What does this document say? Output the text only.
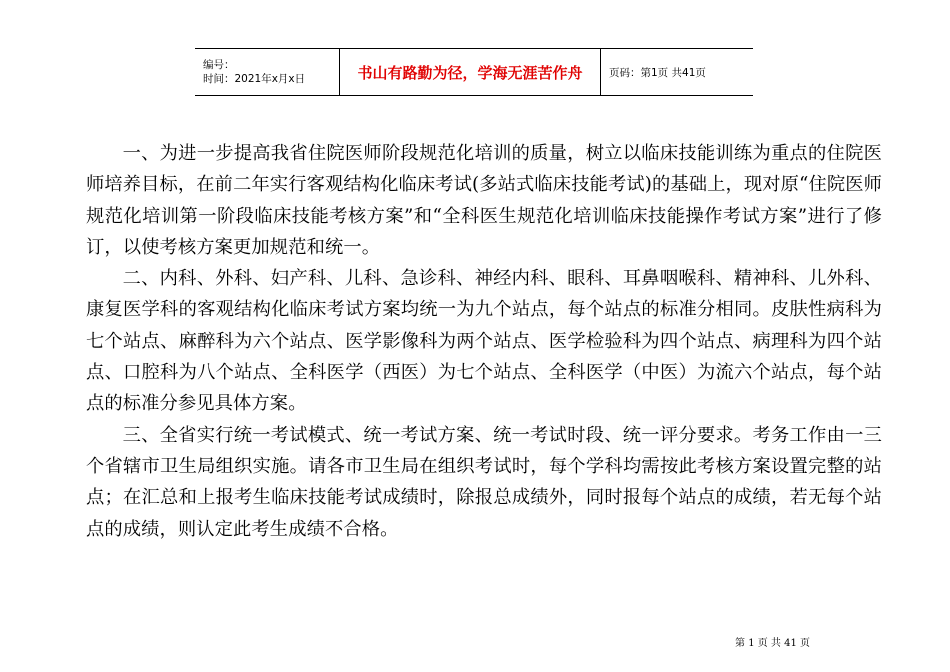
编号：
时间：2021年x月x日	书山有路勤为径，学海无涯苦作舟	页码：第1页 共41页

一、为进一步提高我省住院医师阶段规范化培训的质量，树立以临床技能训练为重点的住院医师培养目标，在前二年实行客观结构化临床考试(多站式临床技能考试)的基础上，现对原“住院医师规范化培训第一阶段临床技能考核方案”和“全科医生规范化培训临床技能操作考试方案”进行了修订，以使考核方案更加规范和统一。

二、内科、外科、妇产科、儿科、急诊科、神经内科、眼科、耳鼻咽喉科、精神科、儿外科、康复医学科的客观结构化临床考试方案均统一为九个站点，每个站点的标准分相同。皮肤性病科为七个站点、麻醉科为六个站点、医学影像科为两个站点、医学检验科为四个站点、病理科为四个站点、口腔科为八个站点、全科医学（西医）为七个站点、全科医学（中医）为流六个站点，每个站点的标准分参见具体方案。

三、全省实行统一考试模式、统一考试方案、统一考试时段、统一评分要求。考务工作由一三个省辖市卫生局组织实施。请各市卫生局在组织考试时，每个学科均需按此考核方案设置完整的站点；在汇总和上报考生临床技能考试成绩时，除报总成绩外，同时报每个站点的成绩，若无每个站点的成绩，则认定此考生成绩不合格。

第 1 页 共 41 页
